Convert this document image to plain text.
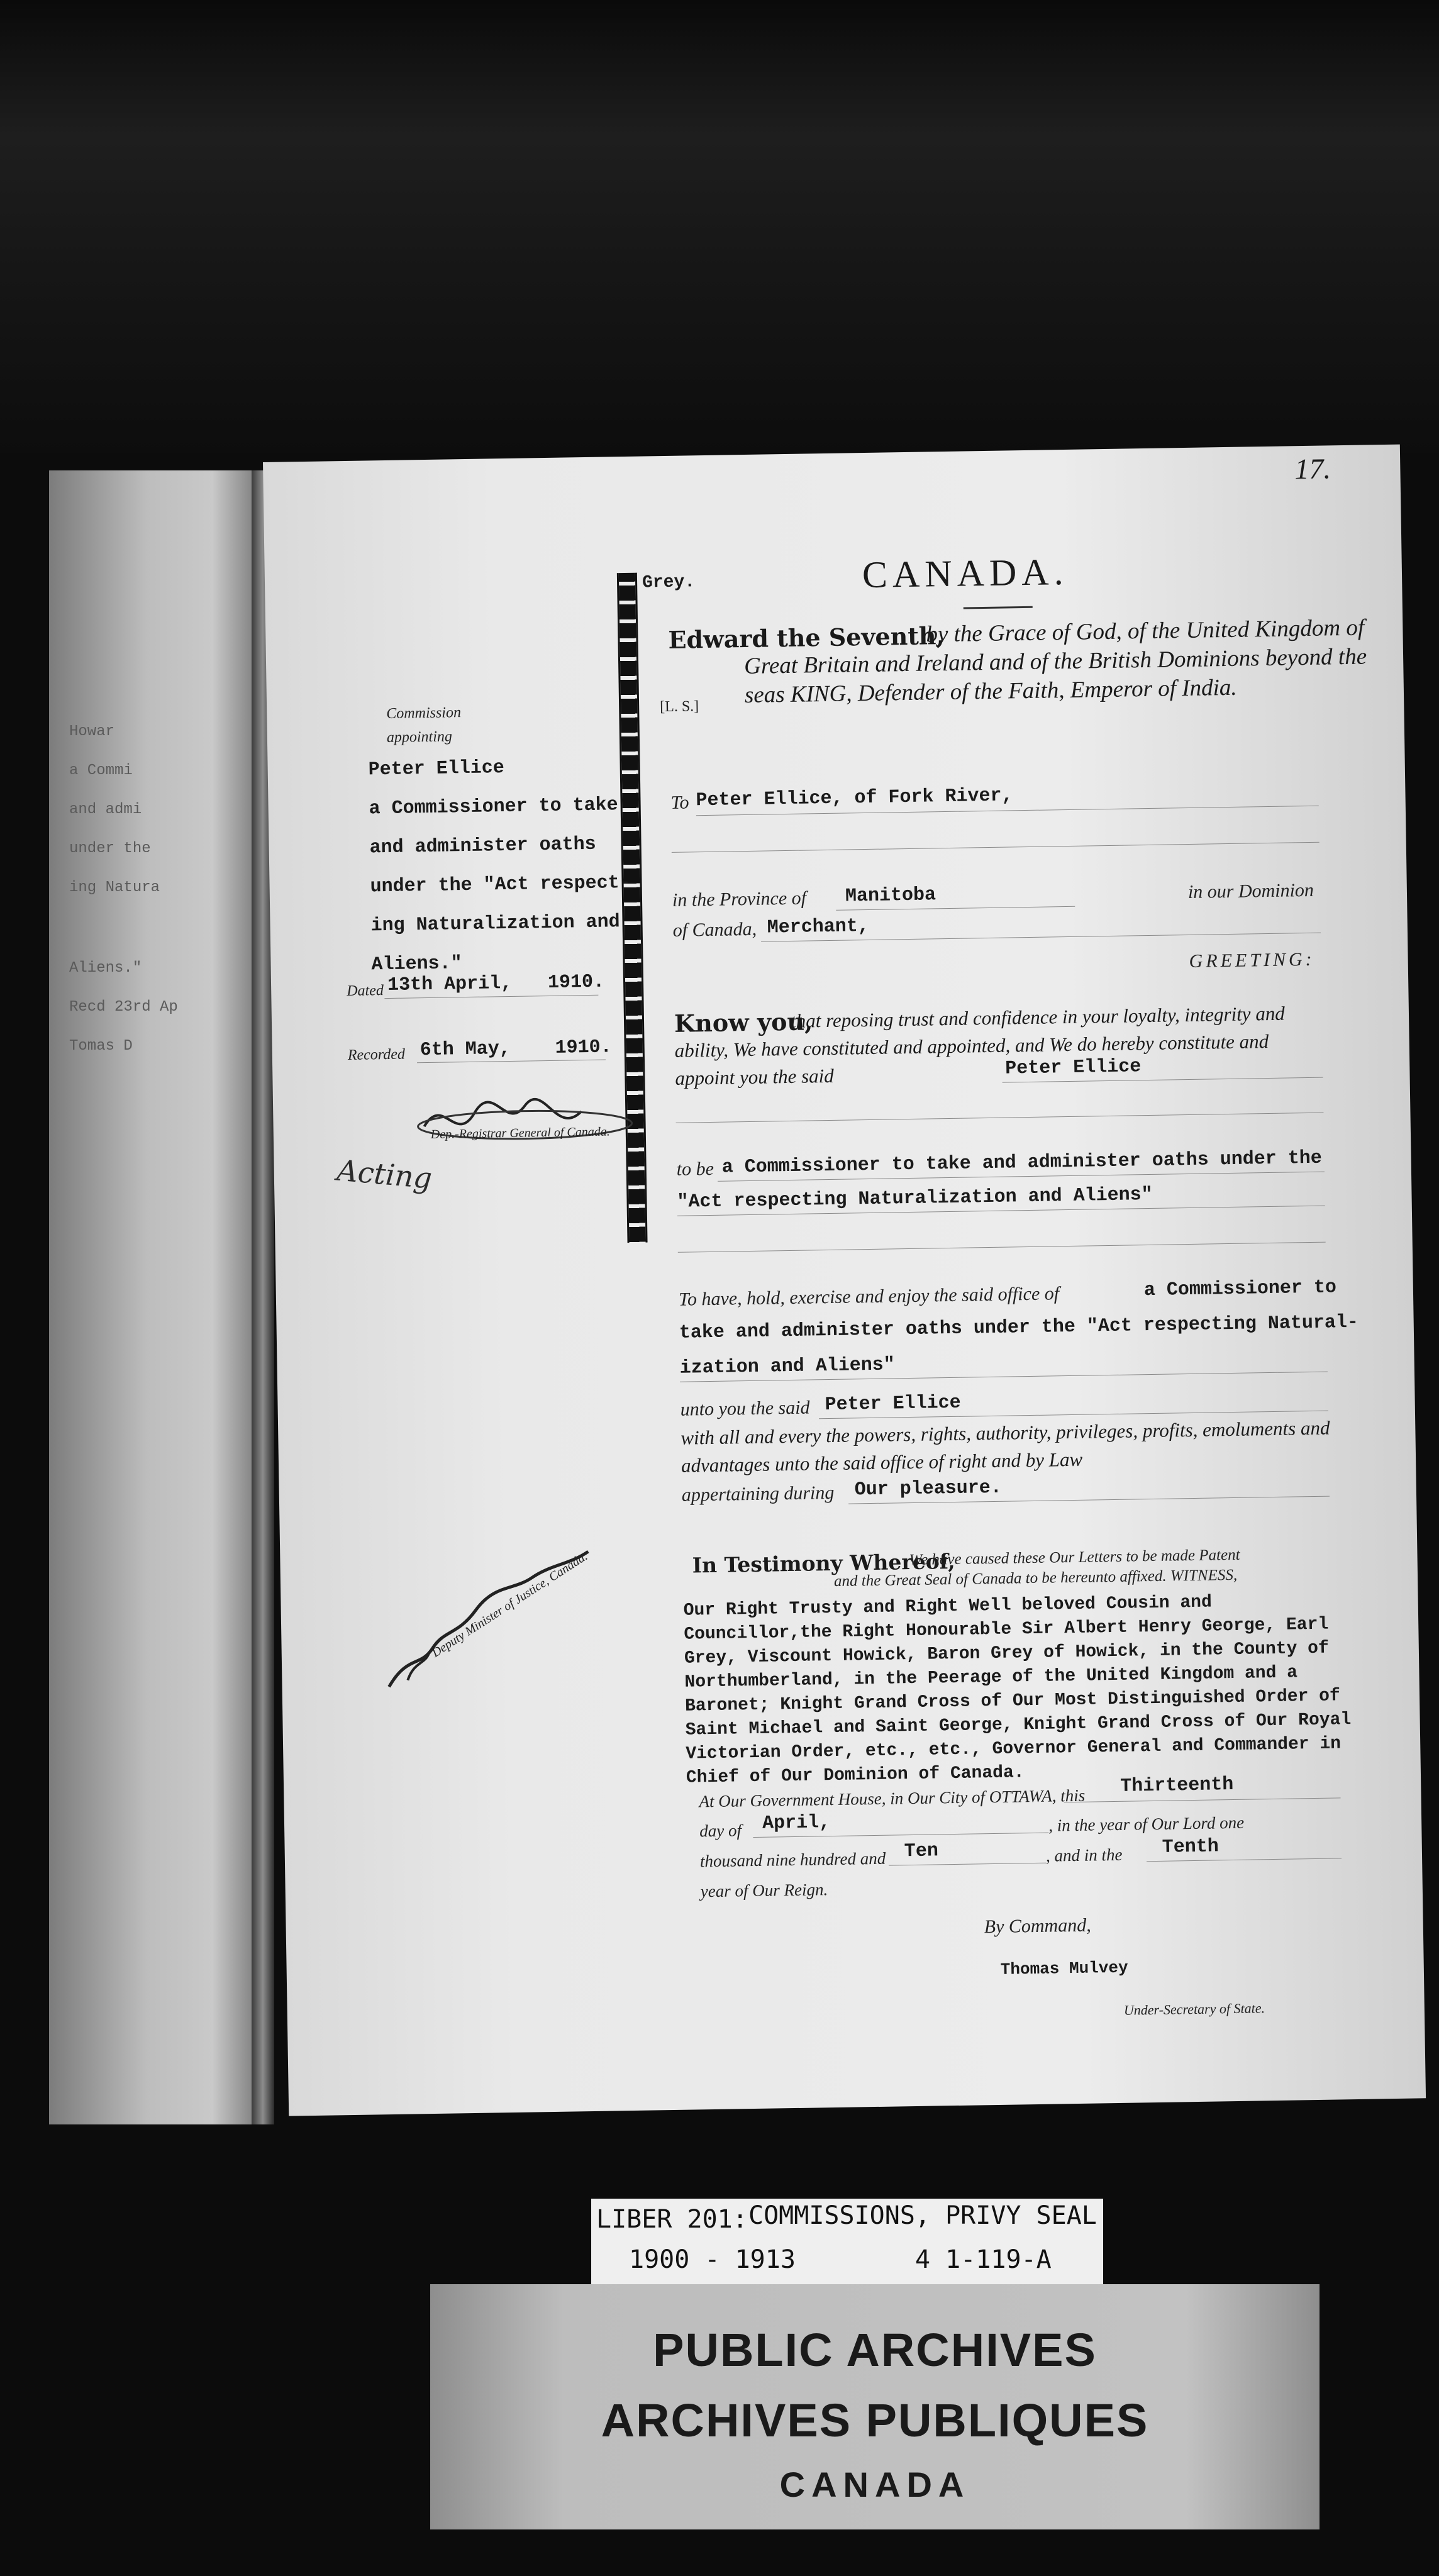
Howar
a Commi
and admi
under the
ing Natura
Aliens."
Recd 23rd Ap
Tomas D
17.
Grey.
Commission
appointing
Peter Ellice
a Commissioner to take
and administer oaths
under the "Act respect-
ing Naturalization and
Aliens."
Dated 13th April, 1910.
Recorded 6th May, 1910.
Dep.-Registrar General of Canada.
Acting
Deputy Minister of Justice, Canada.
CANADA.
[L. S.]
Edward the Seventh,
by the Grace of God, of the United Kingdom of Great Britain and Ireland and of the British Dominions beyond the seas KING, Defender of the Faith, Emperor of India.
To Peter Ellice, of Fork River,
in the Province of Manitoba	in our Dominion
of Canada, Merchant,
GREETING:
Know you,
that reposing trust and confidence in your loyalty, integrity and ability, We have constituted and appointed, and We do hereby constitute and appoint you the said	Peter Ellice
to be a Commissioner to take and administer oaths under the
"Act respecting Naturalization and Aliens"
To have, hold, exercise and enjoy the said office of	a Commissioner to
take and administer oaths under the "Act respecting Natural-
ization and Aliens"
unto you the said Peter Ellice
with all and every the powers, rights, authority, privileges, profits, emoluments and advantages unto the said office of right and by Law
appertaining during Our pleasure.
In Testimony Whereof,
We have caused these Our Letters to be made Patent
and the Great Seal of Canada to be hereunto affixed. WITNESS,
Our Right Trusty and Right Well beloved Cousin and Councillor,the Right Honourable Sir Albert Henry George, Earl Grey, Viscount Howick, Baron Grey of Howick, in the County of Northumberland, in the Peerage of the United Kingdom and a Baronet; Knight Grand Cross of Our Most Distinguished Order of Saint Michael and Saint George, Knight Grand Cross of Our Royal Victorian Order, etc., etc., Governor General and Commander in Chief of Our Dominion of Canada.
At Our Government House, in Our City of OTTAWA, this
Thirteenth
day of April,	, in the year of Our Lord one
thousand nine hundred and Ten	, and in the Tenth
year of Our Reign.
By Command,
Thomas Mulvey
Under-Secretary of State.
LIBER 201: COMMISSIONS, PRIVY SEAL
1900 - 1913	4 1-119-A
PUBLIC ARCHIVES
ARCHIVES PUBLIQUES
CANADA
